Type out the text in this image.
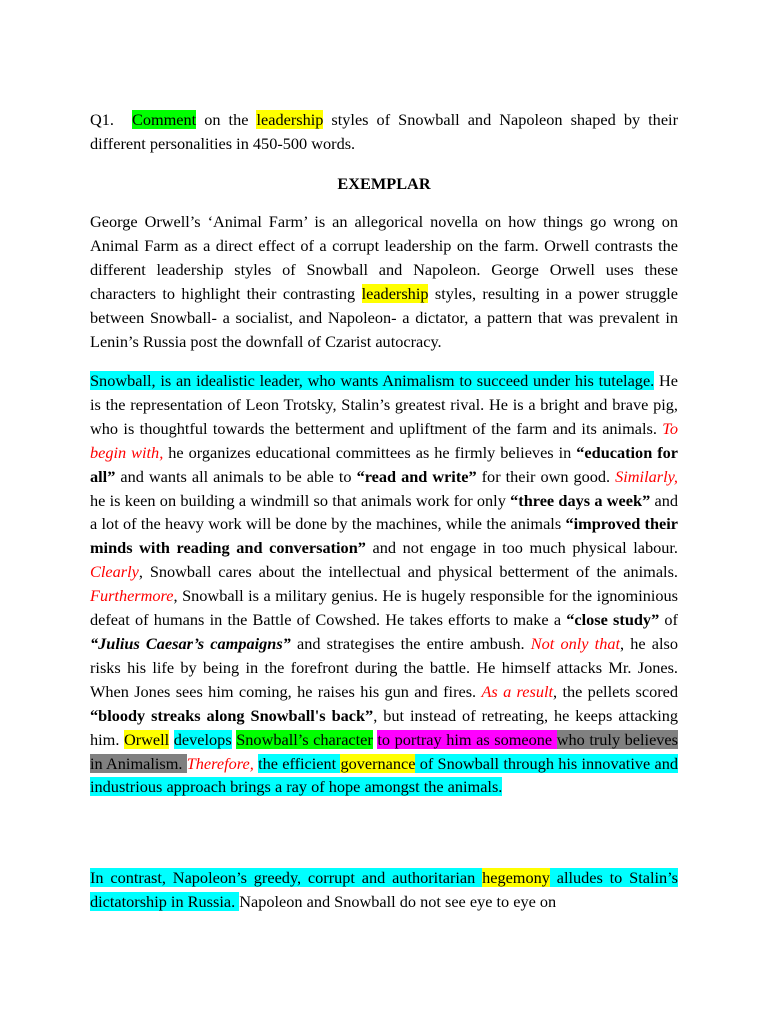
Q1. Comment on the leadership styles of Snowball and Napoleon shaped by their different personalities in 450-500 words.
EXEMPLAR
George Orwell’s ‘Animal Farm’ is an allegorical novella on how things go wrong on Animal Farm as a direct effect of a corrupt leadership on the farm. Orwell contrasts the different leadership styles of Snowball and Napoleon. George Orwell uses these characters to highlight their contrasting leadership styles, resulting in a power struggle between Snowball- a socialist, and Napoleon- a dictator, a pattern that was prevalent in Lenin’s Russia post the downfall of Czarist autocracy.
Snowball, is an idealistic leader, who wants Animalism to succeed under his tutelage. He is the representation of Leon Trotsky, Stalin’s greatest rival. He is a bright and brave pig, who is thoughtful towards the betterment and upliftment of the farm and its animals. To begin with, he organizes educational committees as he firmly believes in “education for all” and wants all animals to be able to “read and write” for their own good. Similarly, he is keen on building a windmill so that animals work for only “three days a week” and a lot of the heavy work will be done by the machines, while the animals “improved their minds with reading and conversation” and not engage in too much physical labour. Clearly, Snowball cares about the intellectual and physical betterment of the animals. Furthermore, Snowball is a military genius. He is hugely responsible for the ignominious defeat of humans in the Battle of Cowshed. He takes efforts to make a “close study” of “Julius Caesar’s campaigns” and strategises the entire ambush. Not only that, he also risks his life by being in the forefront during the battle. He himself attacks Mr. Jones. When Jones sees him coming, he raises his gun and fires. As a result, the pellets scored “bloody streaks along Snowball's back”, but instead of retreating, he keeps attacking him. Orwell develops Snowball’s character to portray him as someone who truly believes in Animalism. Therefore, the efficient governance of Snowball through his innovative and industrious approach brings a ray of hope amongst the animals.
In contrast, Napoleon’s greedy, corrupt and authoritarian hegemony alludes to Stalin’s dictatorship in Russia. Napoleon and Snowball do not see eye to eye on
